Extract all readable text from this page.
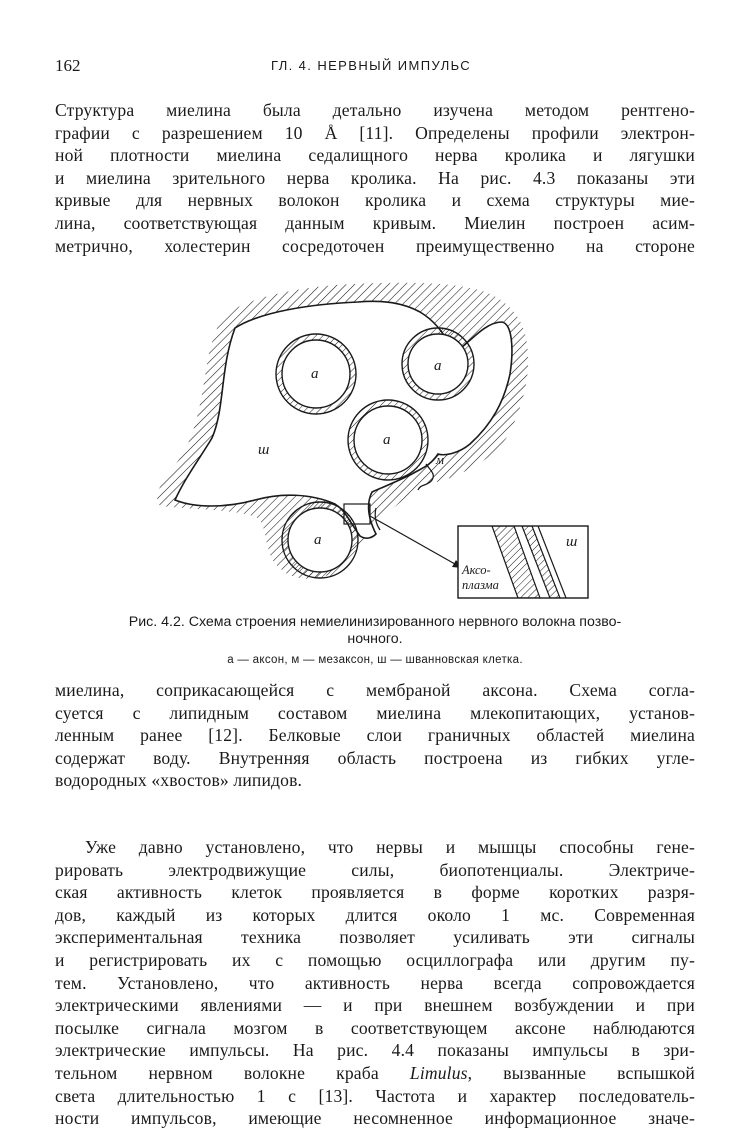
162	ГЛ. 4. НЕРВНЫЙ ИМПУЛЬС
Структура миелина была детально изучена методом рентгено-
графии с разрешением 10 Å [11]. Определены профили электрон-
ной плотности миелина седалищного нерва кролика и лягушки
и миелина зрительного нерва кролика. На рис. 4.3 показаны эти
кривые для нервных волокон кролика и схема структуры мие-
лина, соответствующая данным кривым. Миелин построен асим-
метрично, холестерин сосредоточен преимущественно на стороне
Аксо-
плазма
ш
а	а
а
а
ш
м
Рис. 4.2. Схема строения немиелинизированного нервного волокна позво-
ночного.
а — аксон, м — мезаксон, ш — шванновская клетка.
миелина, соприкасающейся с мембраной аксона. Схема согла-
суется с липидным составом миелина млекопитающих, установ-
ленным ранее [12]. Белковые слои граничных областей миелина
содержат воду. Внутренняя область построена из гибких угле-
водородных «хвостов» липидов.
Уже давно установлено, что нервы и мышцы способны гене-
рировать электродвижущие силы, биопотенциалы. Электриче-
ская активность клеток проявляется в форме коротких разря-
дов, каждый из которых длится около 1 мс. Современная
экспериментальная техника позволяет усиливать эти сигналы
и регистрировать их с помощью осциллографа или другим пу-
тем. Установлено, что активность нерва всегда сопровождается
электрическими явлениями — и при внешнем возбуждении и при
посылке сигнала мозгом в соответствующем аксоне наблюдаются
электрические импульсы. На рис. 4.4 показаны импульсы в зри-
тельном нервном волокне краба Limulus, вызванные вспышкой
света длительностью 1 с [13]. Частота и характер последователь-
ности импульсов, имеющие несомненное информационное значе-
